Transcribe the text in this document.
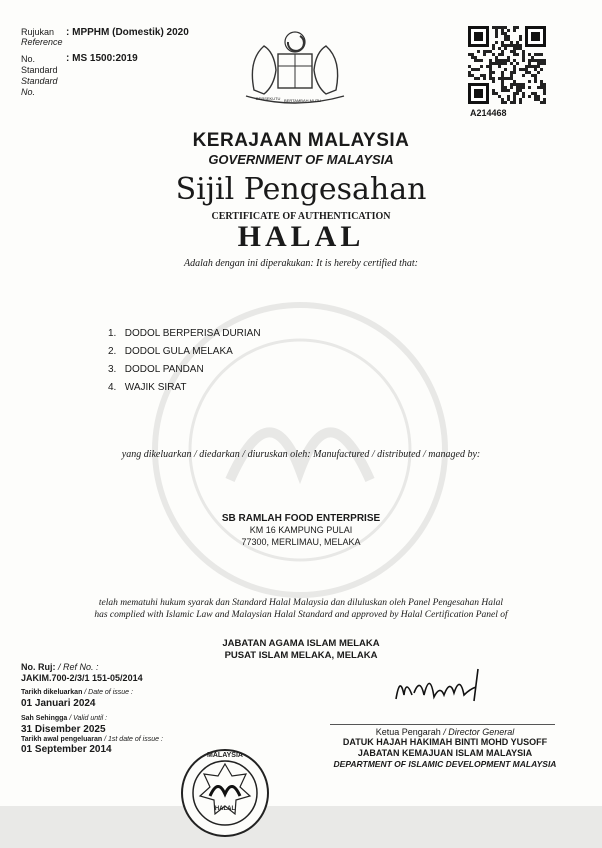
Rujukan
Reference
: MPPHM (Domestik) 2020
No.
Standard
Standard
No.
: MS 1500:2019
BERSEKUTU BERTAMBAH MUTU
A214468
KERAJAAN MALAYSIA
GOVERNMENT OF MALAYSIA
Sijil Pengesahan
CERTIFICATE OF AUTHENTICATION
HALAL
Adalah dengan ini diperakukan: It is hereby certified that:
1. DODOL BERPERISA DURIAN
2. DODOL GULA MELAKA
3. DODOL PANDAN
4. WAJIK SIRAT
yang dikeluarkan / diedarkan / diuruskan oleh: Manufactured / distributed / managed by:
SB RAMLAH FOOD ENTERPRISE
KM 16 KAMPUNG PULAI
77300, MERLIMAU, MELAKA
telah mematuhi hukum syarak dan Standard Halal Malaysia dan diluluskan oleh Panel Pengesahan Halal
has complied with Islamic Law and Malaysian Halal Standard and approved by Halal Certification Panel of
JABATAN AGAMA ISLAM MELAKA
PUSAT ISLAM MELAKA, MELAKA
No. Ruj: / Ref No. :
JAKIM.700-2/3/1 151-05/2014
Tarikh dikeluarkan / Date of issue :
01 Januari 2024
Sah Sehingga / Valid until :
31 Disember 2025
Tarikh awal pengeluaran / 1st date of issue :
01 September 2014
Ketua Pengarah / Director General
DATUK HAJAH HAKIMAH BINTI MOHD YUSOFF
JABATAN KEMAJUAN ISLAM MALAYSIA
DEPARTMENT OF ISLAMIC DEVELOPMENT MALAYSIA
MALAYSIA
HALAL
